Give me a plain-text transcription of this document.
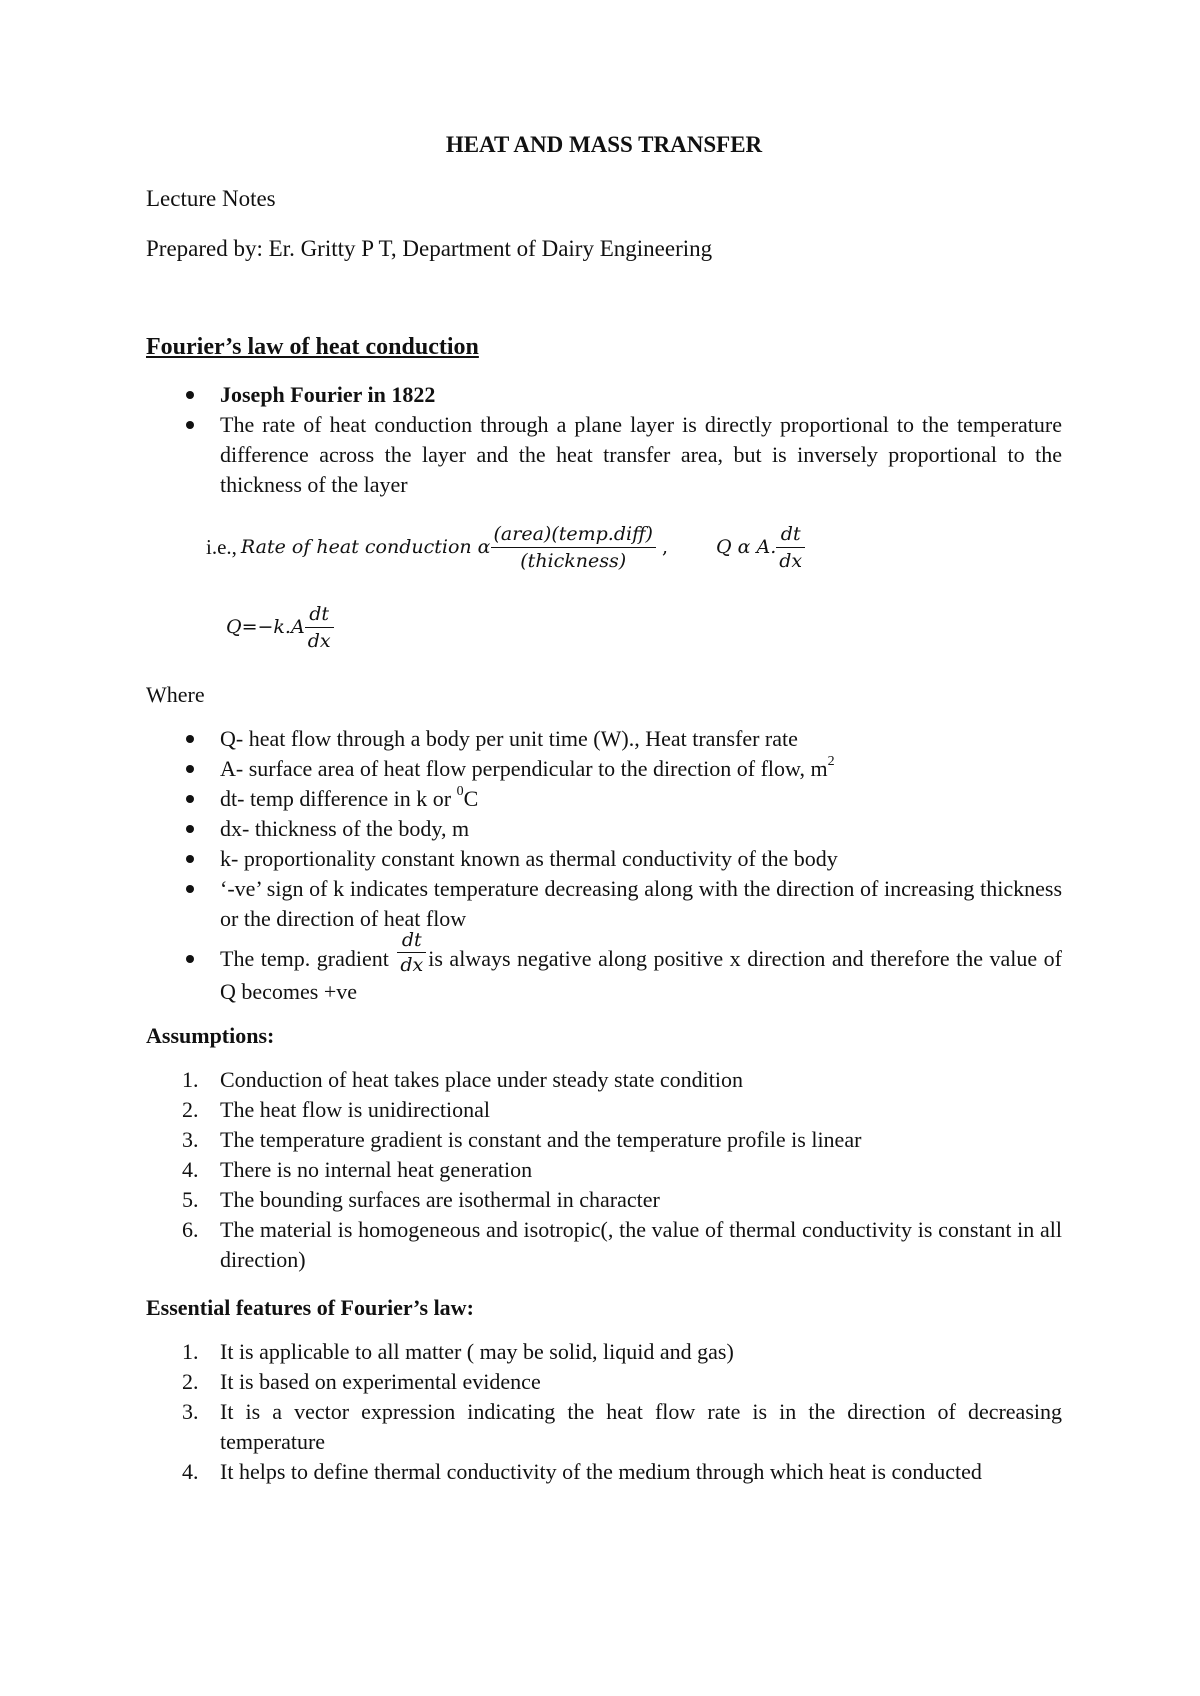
HEAT AND MASS TRANSFER

Lecture Notes

Prepared by: Er. Gritty P T, Department of Dairy Engineering

Fourier’s law of heat conduction
Joseph Fourier in 1822
The rate of heat conduction through a plane layer is directly proportional to the temperature difference across the layer and the heat transfer area, but is inversely proportional to the thickness of the layer
i.e., Rate of heat conduction α $\frac{\text{(area)(temp.diff)}}{\text{(thickness)}}$ ,	Q α A. $\frac{dt}{dx}$
$Q=-k.A \frac{dt}{dx}$
Where
Q- heat flow through a body per unit time (W)., Heat transfer rate
A- surface area of heat flow perpendicular to the direction of flow, $m^2$
dt- temp difference in k or $^0$C
dx- thickness of the body, m
k- proportionality constant known as thermal conductivity of the body
‘-ve’ sign of k indicates temperature decreasing along with the direction of increasing thickness or the direction of heat flow
The temp. gradient $\frac{dt}{dx}$ is always negative along positive x direction and therefore the value of Q becomes +ve
Assumptions:
1. Conduction of heat takes place under steady state condition
2. The heat flow is unidirectional
3. The temperature gradient is constant and the temperature profile is linear
4. There is no internal heat generation
5. The bounding surfaces are isothermal in character
6. The material is homogeneous and isotropic(, the value of thermal conductivity is constant in all direction)
Essential features of Fourier’s law:
1. It is applicable to all matter ( may be solid, liquid and gas)
2. It is based on experimental evidence
3. It is a vector expression indicating the heat flow rate is in the direction of decreasing temperature
4. It helps to define thermal conductivity of the medium through which heat is conducted
